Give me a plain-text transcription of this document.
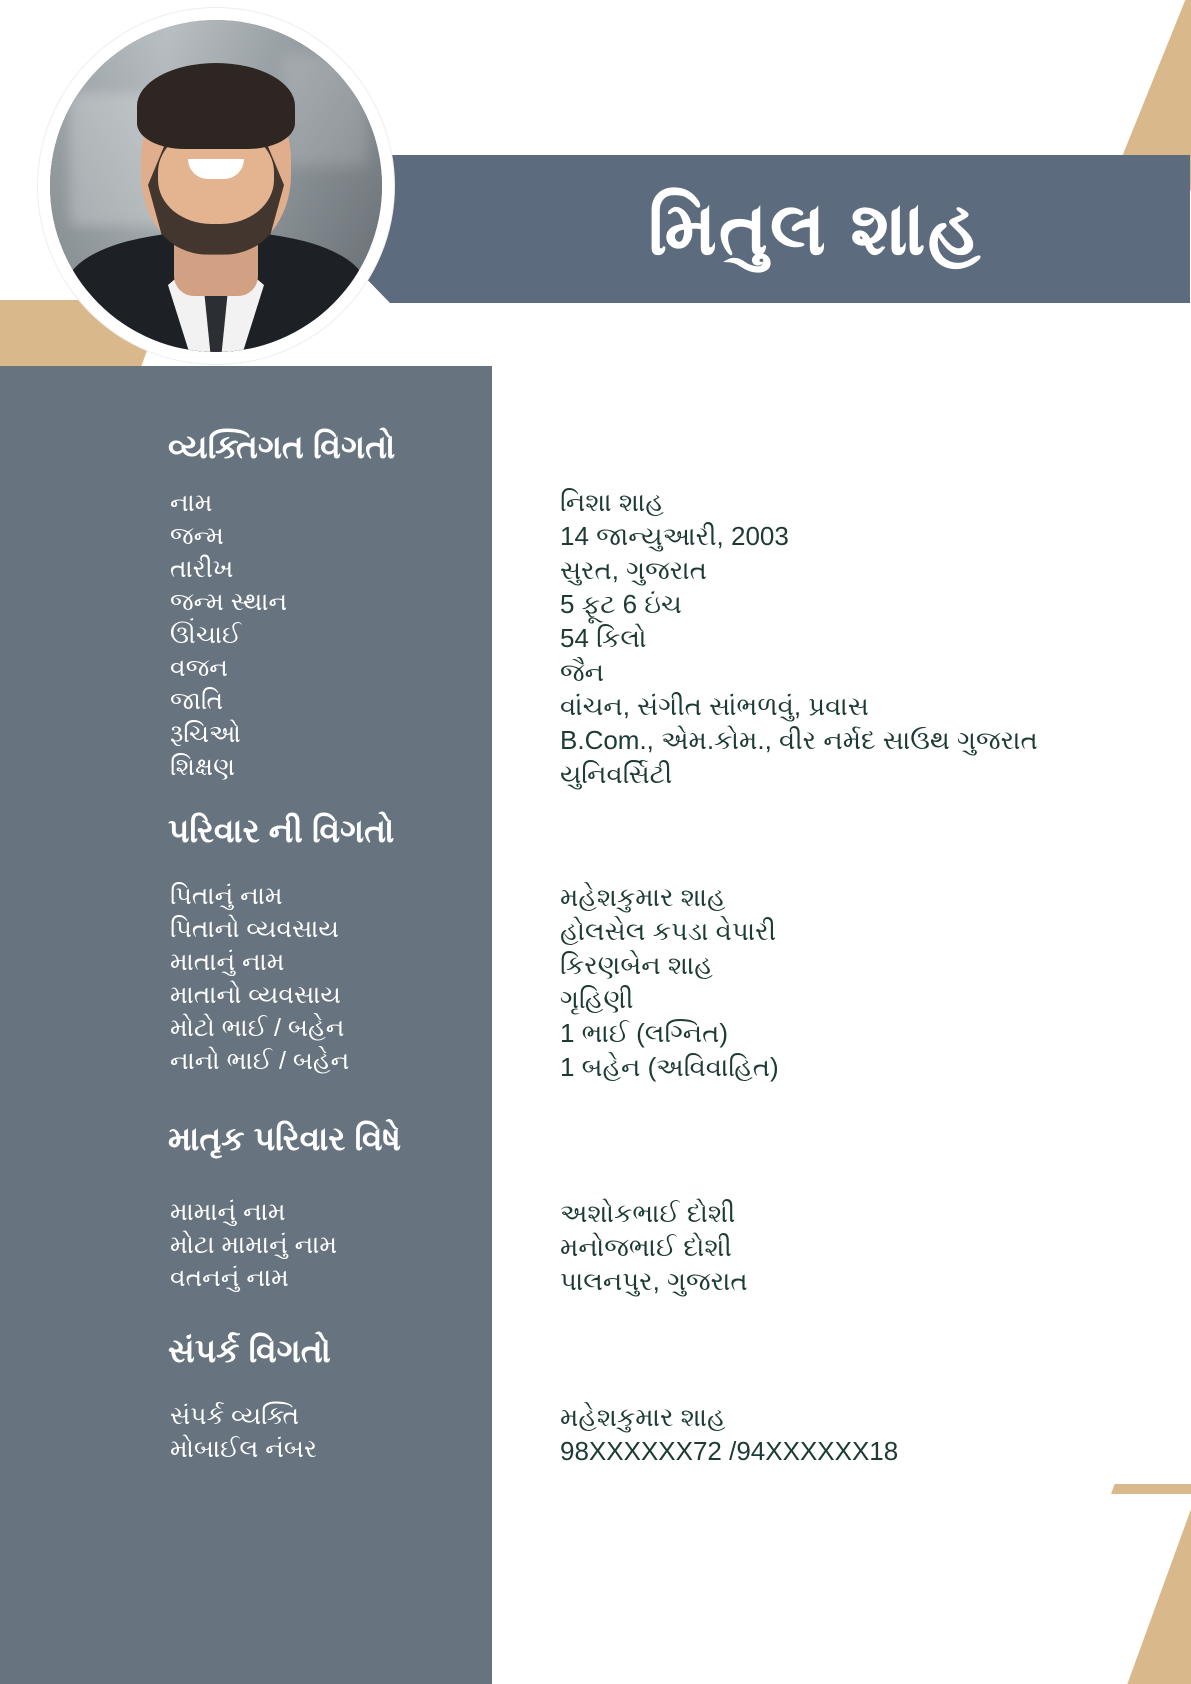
મિતુલ શાહ
વ્યક્તિગત વિગતો
નામ
જન્મ
તારીખ
જન્મ સ્થાન
ઊંચાઈ
વજન
જાતિ
રૂચિઓ
શિક્ષણ
નિશા શાહ
14 જાન્યુઆરી, 2003
સુરત, ગુજરાત
5 ફૂટ 6 ઇંચ
54 કિલો
જૈન
વાંચન, સંગીત સાંભળવું, પ્રવાસ
B.Com., એમ.કોમ., વીર નર્મદ સાઉથ ગુજરાત યુનિવર્સિટી
પરિવાર ની વિગતો
પિતાનું નામ
પિતાનો વ્યવસાય
માતાનું નામ
માતાનો વ્યવસાય
મોટો ભાઈ / બહેન
નાનો ભાઈ / બહેન
મહેશકુમાર શાહ
હોલસેલ કપડા વેપારી
કિરણબેન શાહ
ગૃહિણી
1 ભાઈ (લગ્નિત)
1 બહેન (અવિવાહિત)
માતૃક પરિવાર વિષે
મામાનું નામ
મોટા મામાનું નામ
વતનનું નામ
અશોકભાઈ દોશી
મનોજભાઈ દોશી
પાલનપુર, ગુજરાત
સંપર્ક વિગતો
સંપર્ક વ્યક્તિ
મોબાઈલ નંબર
મહેશકુમાર શાહ
98XXXXXX72 /94XXXXXX18
